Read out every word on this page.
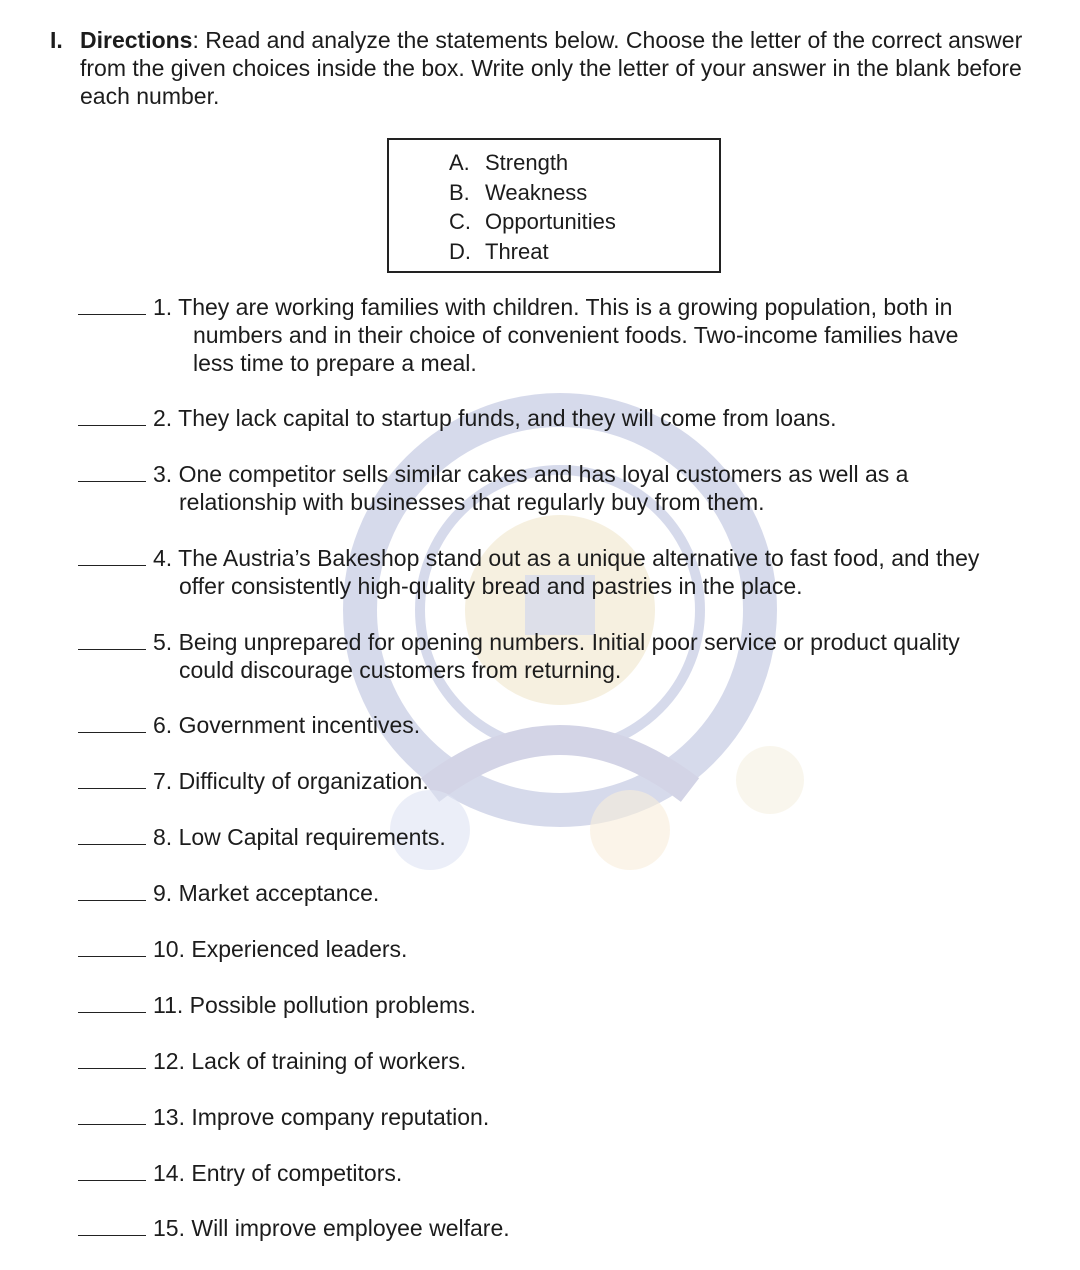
I. Directions: Read and analyze the statements below. Choose the letter of the correct answer from the given choices inside the box. Write only the letter of your answer in the blank before each number.
A. Strength
B. Weakness
C. Opportunities
D. Threat
1. They are working families with children. This is a growing population, both in
numbers and in their choice of convenient foods. Two-income families have
less time to prepare a meal.
2. They lack capital to startup funds, and they will come from loans.
3. One competitor sells similar cakes and has loyal customers as well as a
relationship with businesses that regularly buy from them.
4. The Austria’s Bakeshop stand out as a unique alternative to fast food, and they
offer consistently high-quality bread and pastries in the place.
5. Being unprepared for opening numbers. Initial poor service or product quality
could discourage customers from returning.
6. Government incentives.
7. Difficulty of organization.
8. Low Capital requirements.
9. Market acceptance.
10. Experienced leaders.
11. Possible pollution problems.
12. Lack of training of workers.
13. Improve company reputation.
14. Entry of competitors.
15. Will improve employee welfare.
